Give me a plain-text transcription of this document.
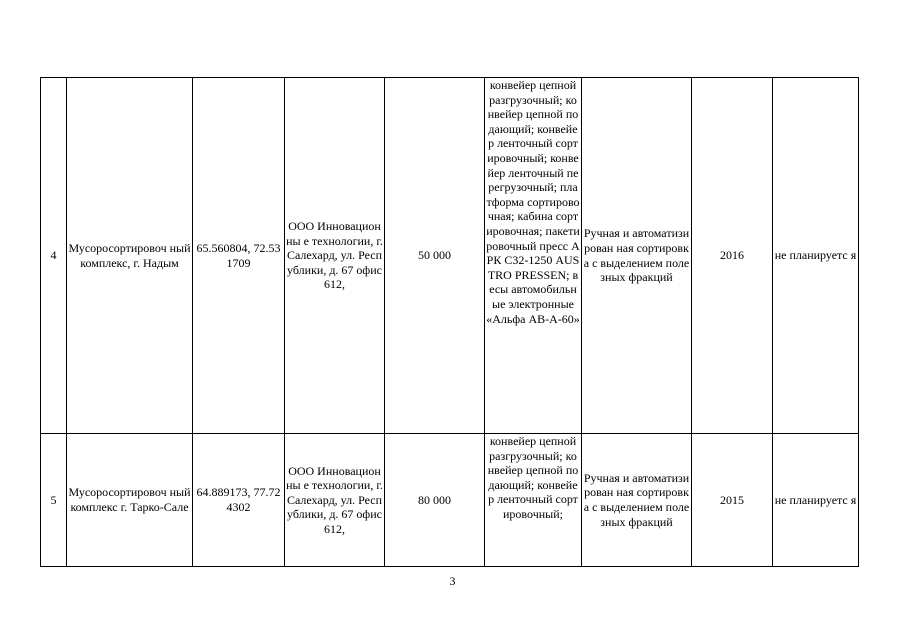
4	Мусоросортировоч ный комплекс, г. Надым	65.560804, 72.531709	ООО Инновационны е технологии, г. Салехард, ул. Республики, д. 67 офис 612,	50 000	конвейер цепной разгрузочный; конвейер цепной подающий; конвейер ленточный сортировочный; конвейер ленточный перегрузочный; платформа сортировочная; кабина сортировочная; пакетировочный пресс АРК С32-1250 AUSTRO PRESSEN; весы автомобильные электронные «Альфа АВ-А-60»	Ручная и автоматизирован ная сортировка с выделением полезных фракций	2016	не планируетс я
5	Мусоросортировоч ный комплекс г. Тарко-Сале	64.889173, 77.724302	ООО Инновационны е технологии, г. Салехард, ул. Республики, д. 67 офис 612,	80 000	конвейер цепной разгрузочный; конвейер цепной подающий; конвейер ленточный сортировочный;	Ручная и автоматизирован ная сортировка с выделением полезных фракций	2015	не планируетс я
3
